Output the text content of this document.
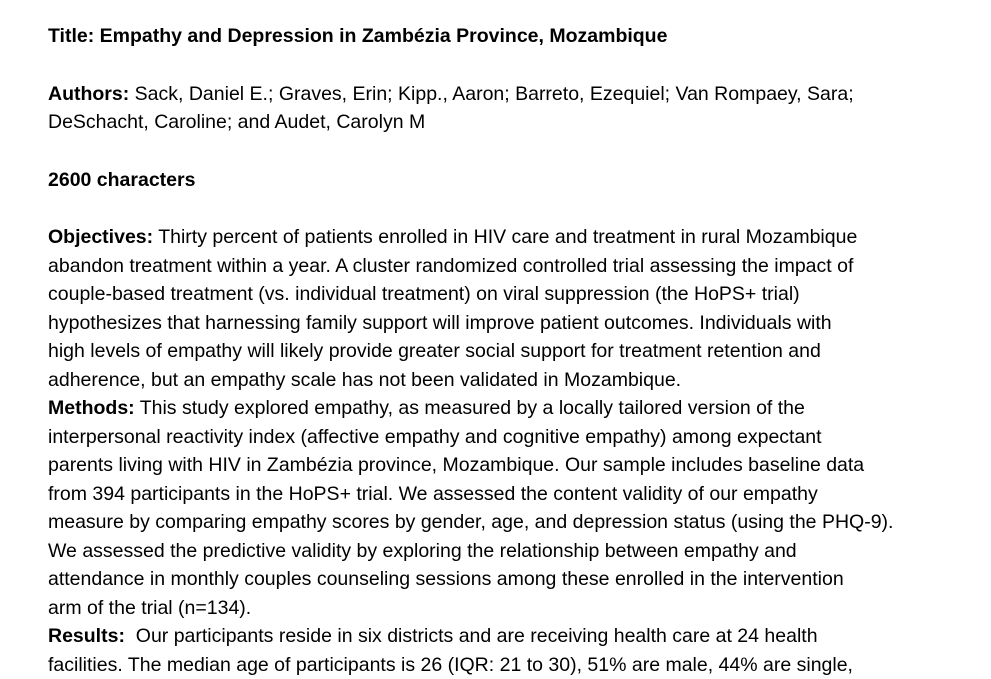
Title: Empathy and Depression in Zambézia Province, Mozambique

Authors: Sack, Daniel E.; Graves, Erin; Kipp., Aaron; Barreto, Ezequiel; Van Rompaey, Sara;
DeSchacht, Caroline; and Audet, Carolyn M

2600 characters

Objectives: Thirty percent of patients enrolled in HIV care and treatment in rural Mozambique
abandon treatment within a year. A cluster randomized controlled trial assessing the impact of
couple-based treatment (vs. individual treatment) on viral suppression (the HoPS+ trial)
hypothesizes that harnessing family support will improve patient outcomes. Individuals with
high levels of empathy will likely provide greater social support for treatment retention and
adherence, but an empathy scale has not been validated in Mozambique.

Methods: This study explored empathy, as measured by a locally tailored version of the
interpersonal reactivity index (affective empathy and cognitive empathy) among expectant
parents living with HIV in Zambézia province, Mozambique. Our sample includes baseline data
from 394 participants in the HoPS+ trial. We assessed the content validity of our empathy
measure by comparing empathy scores by gender, age, and depression status (using the PHQ-9).
We assessed the predictive validity by exploring the relationship between empathy and
attendance in monthly couples counseling sessions among these enrolled in the intervention
arm of the trial (n=134).

Results:  Our participants reside in six districts and are receiving health care at 24 health
facilities. The median age of participants is 26 (IQR: 21 to 30), 51% are male, 44% are single,
